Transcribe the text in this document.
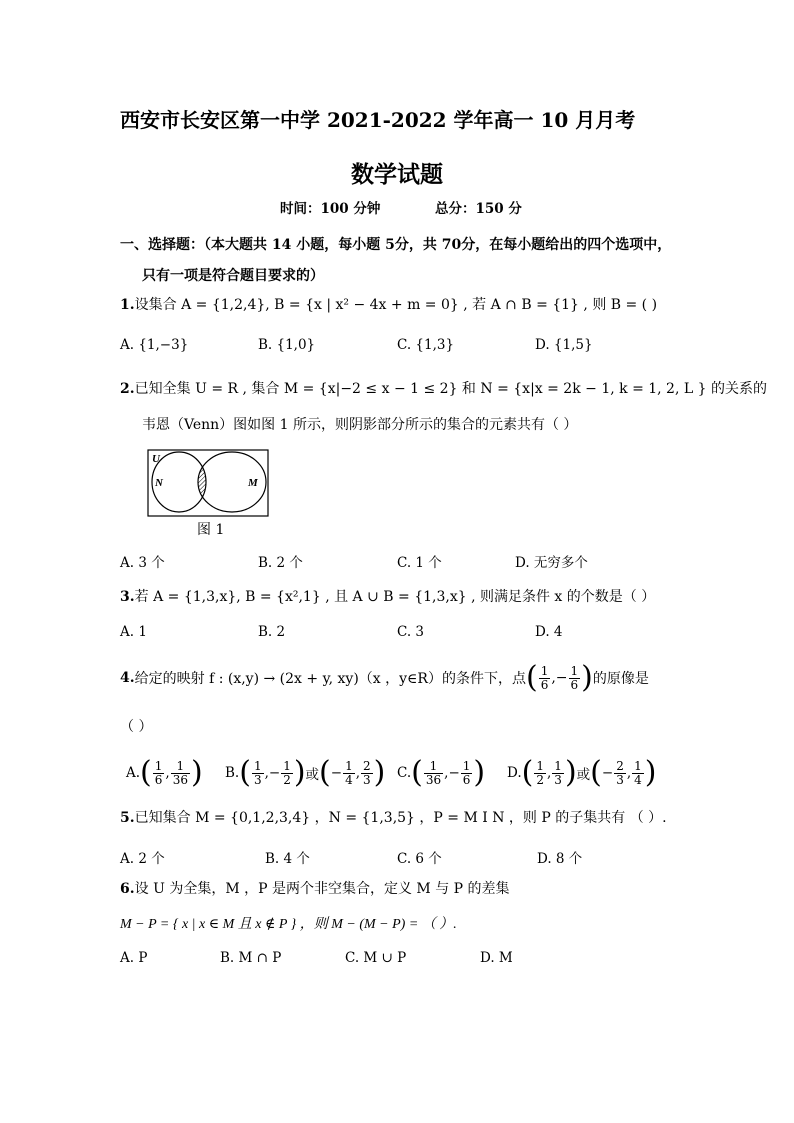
西安市长安区第一中学 2021-2022 学年高一 10 月月考
数学试题
时间：100 分钟	总分：150 分
一、选择题：（本大题共 14 小题，每小题 5分，共 70分，在每小题给出的四个选项中，
只有一项是符合题目要求的）
1.设集合 A = {1,2,4}, B = {x | x² − 4x + m = 0} , 若 A ∩ B = {1} , 则 B = ( )
A. {1,−3}	B. {1,0}	C. {1,3}	D. {1,5}
2.已知全集 U = R , 集合 M = {x|−2 ≤ x − 1 ≤ 2} 和 N = {x|x = 2k − 1, k = 1, 2, L } 的关系的
韦恩（Venn）图如图 1 所示，则阴影部分所示的集合的元素共有（ ）
U
N	M
图 1
A. 3 个	B. 2 个	C. 1 个	D. 无穷多个
3.若 A = {1,3,x}, B = {x²,1} , 且 A ∪ B = {1,3,x} , 则满足条件 x 的个数是（ ）
A. 1	B. 2	C. 3	D. 4
4. 给定的映射 f : (x,y) → (2x + y, xy)（x ，y∈R）的条件下，点 ( $\frac{1}{6}$ , − $\frac{1}{6}$ ) 的原像是
（ ）
A. ( $\frac{1}{6}$ , $\frac{1}{36}$ ) B. ( $\frac{1}{3}$ , − $\frac{1}{2}$ ) 或 ( − $\frac{1}{4}$ , $\frac{2}{3}$ ) C. ( $\frac{1}{36}$ , − $\frac{1}{6}$ ) D. ( $\frac{1}{2}$ , $\frac{1}{3}$ ) 或 ( − $\frac{2}{3}$ , $\frac{1}{4}$ )
5.已知集合 M = {0,1,2,3,4} ，N = {1,3,5} ，P = M I N ，则 P 的子集共有 （ ）.
A. 2 个	B. 4 个	C. 6 个	D. 8 个
6.设 U 为全集，M ，P 是两个非空集合，定义 M 与 P 的差集
M − P = { x | x ∈ M 且 x ∉ P } ，则 M − (M − P) = （ ）.
A. P	B. M ∩ P	C. M ∪ P	D. M
